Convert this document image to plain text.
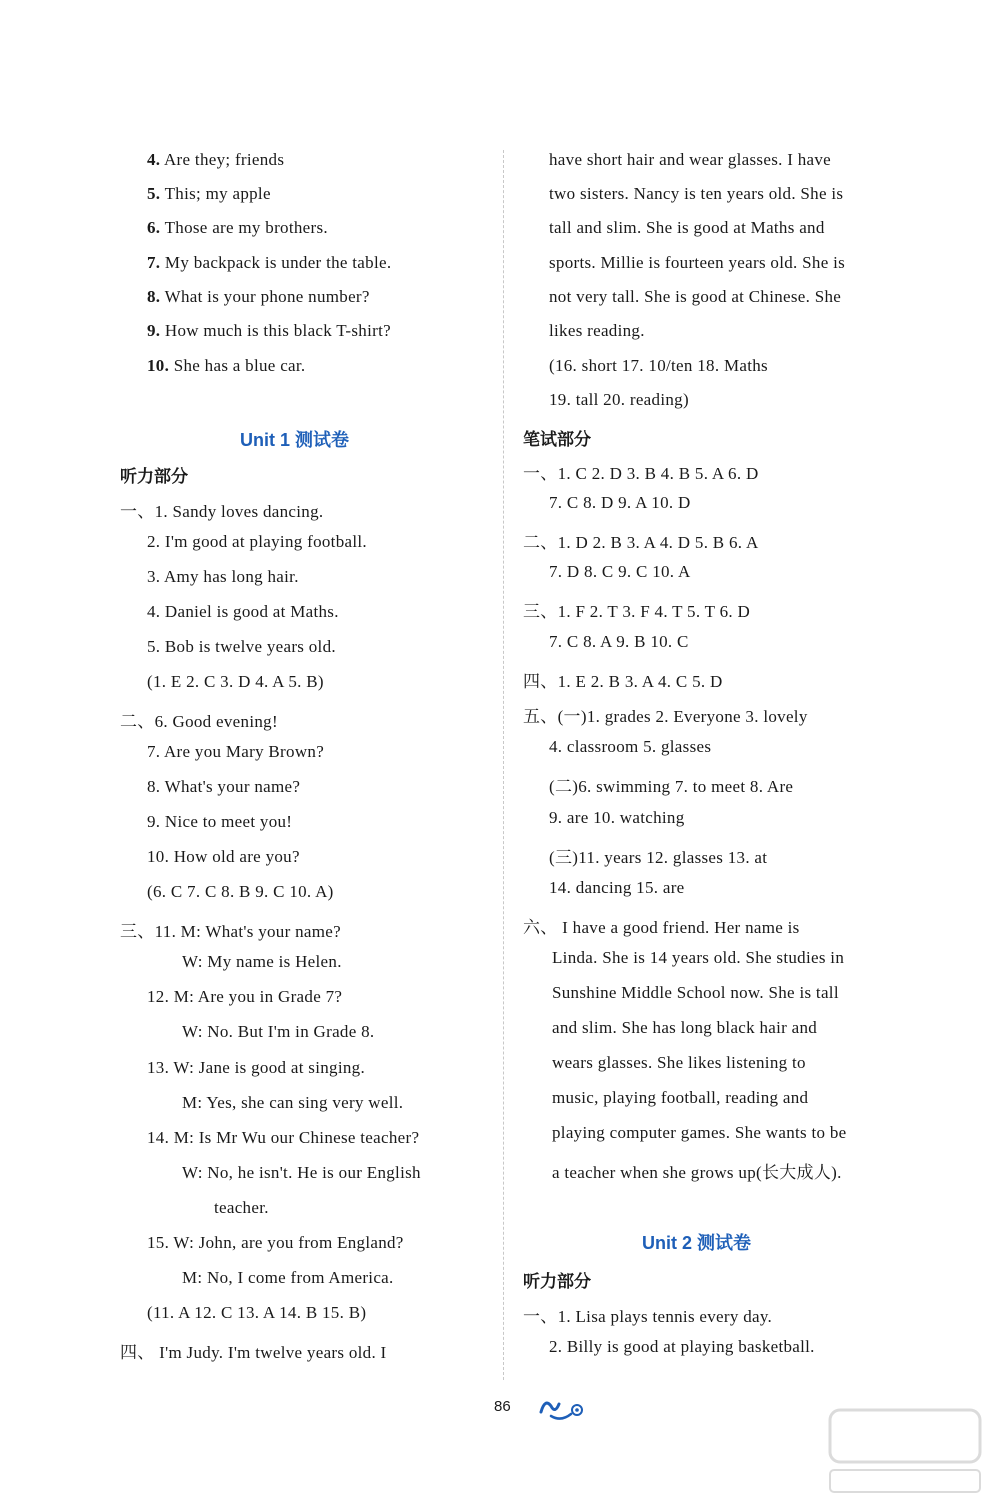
4. Are they; friends
5. This; my apple
6. Those are my brothers.
7. My backpack is under the table.
8. What is your phone number?
9. How much is this black T-shirt?
10. She has a blue car.
Unit 1 测试卷
听力部分
一、1. Sandy loves dancing.
2. I'm good at playing football.
3. Amy has long hair.
4. Daniel is good at Maths.
5. Bob is twelve years old.
(1. E 2. C 3. D 4. A 5. B)
二、6. Good evening!
7. Are you Mary Brown?
8. What's your name?
9. Nice to meet you!
10. How old are you?
(6. C 7. C 8. B 9. C 10. A)
三、11. M: What's your name?
W: My name is Helen.
12. M: Are you in Grade 7?
W: No. But I'm in Grade 8.
13. W: Jane is good at singing.
M: Yes, she can sing very well.
14. M: Is Mr Wu our Chinese teacher?
W: No, he isn't. He is our English
teacher.
15. W: John, are you from England?
M: No, I come from America.
(11. A 12. C 13. A 14. B 15. B)
四、 I'm Judy. I'm twelve years old. I
have short hair and wear glasses. I have
two sisters. Nancy is ten years old. She is
tall and slim. She is good at Maths and
sports. Millie is fourteen years old. She is
not very tall. She is good at Chinese. She
likes reading.
(16. short 17. 10/ten 18. Maths
19. tall 20. reading)
笔试部分
一、1. C 2. D 3. B 4. B 5. A 6. D
7. C 8. D 9. A 10. D
二、1. D 2. B 3. A 4. D 5. B 6. A
7. D 8. C 9. C 10. A
三、1. F 2. T 3. F 4. T 5. T 6. D
7. C 8. A 9. B 10. C
四、1. E 2. B 3. A 4. C 5. D
五、(一)1. grades 2. Everyone 3. lovely
4. classroom 5. glasses
(二)6. swimming 7. to meet 8. Are
9. are 10. watching
(三)11. years 12. glasses 13. at
14. dancing 15. are
六、 I have a good friend. Her name is
Linda. She is 14 years old. She studies in
Sunshine Middle School now. She is tall
and slim. She has long black hair and
wears glasses. She likes listening to
music, playing football, reading and
playing computer games. She wants to be
a teacher when she grows up(长大成人).
Unit 2 测试卷
听力部分
一、1. Lisa plays tennis every day.
2. Billy is good at playing basketball.
86
